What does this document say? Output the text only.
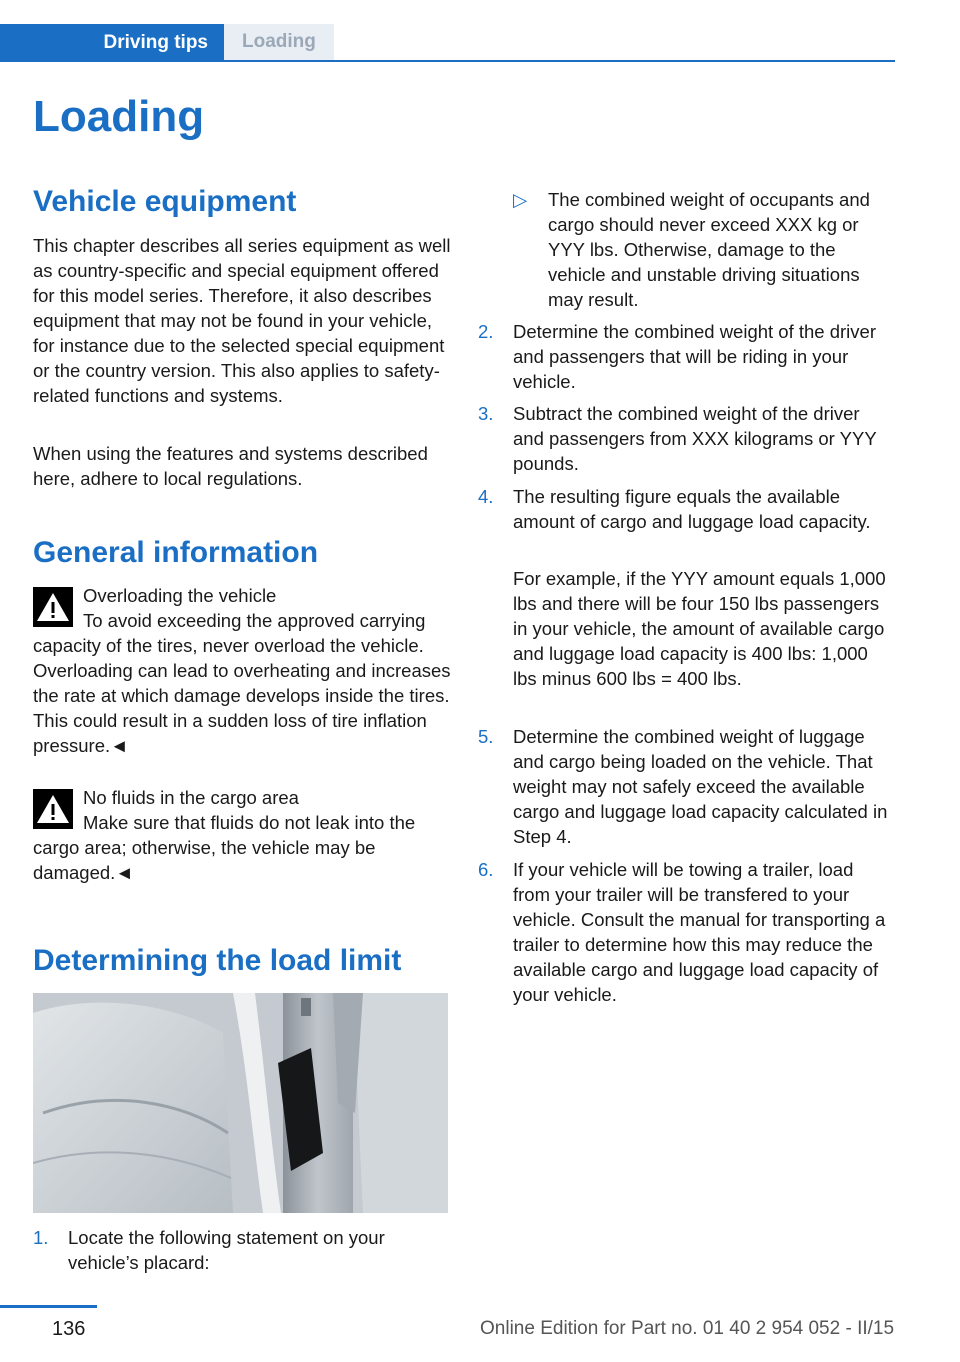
Driving tips	Loading
Loading
Vehicle equipment

This chapter describes all series equipment as well as country-specific and special equipment offered for this model series. Therefore, it also describes equipment that may not be found in your vehicle, for instance due to the selected special equipment or the country version. This also applies to safety-related functions and systems.

When using the features and systems described here, adhere to local regulations.

General information
Overloading the vehicle

To avoid exceeding the approved carrying capacity of the tires, never overload the vehicle. Overloading can lead to overheating and increases the rate at which damage develops inside the tires. This could result in a sudden loss of tire inflation pressure.◄

No fluids in the cargo area

Make sure that fluids do not leak into the cargo area; otherwise, the vehicle may be damaged.◄

Determining the load limit
1. Locate the following statement on your vehicle’s placard:
▷ The combined weight of occupants and cargo should never exceed XXX kg or YYY lbs. Otherwise, damage to the vehicle and unstable driving situations may result.
2. Determine the combined weight of the driver and passengers that will be riding in your vehicle.
3. Subtract the combined weight of the driver and passengers from XXX kilograms or YYY pounds.
4. The resulting figure equals the available amount of cargo and luggage load capacity.
For example, if the YYY amount equals 1,000 lbs and there will be four 150 lbs passengers in your vehicle, the amount of available cargo and luggage load capacity is 400 lbs: 1,000 lbs minus 600 lbs = 400 lbs.
5. Determine the combined weight of luggage and cargo being loaded on the vehicle. That weight may not safely exceed the available cargo and luggage load capacity calculated in Step 4.
6. If your vehicle will be towing a trailer, load from your trailer will be transfered to your vehicle. Consult the manual for transporting a trailer to determine how this may reduce the available cargo and luggage load capacity of your vehicle.
136	Online Edition for Part no. 01 40 2 954 052 - II/15
